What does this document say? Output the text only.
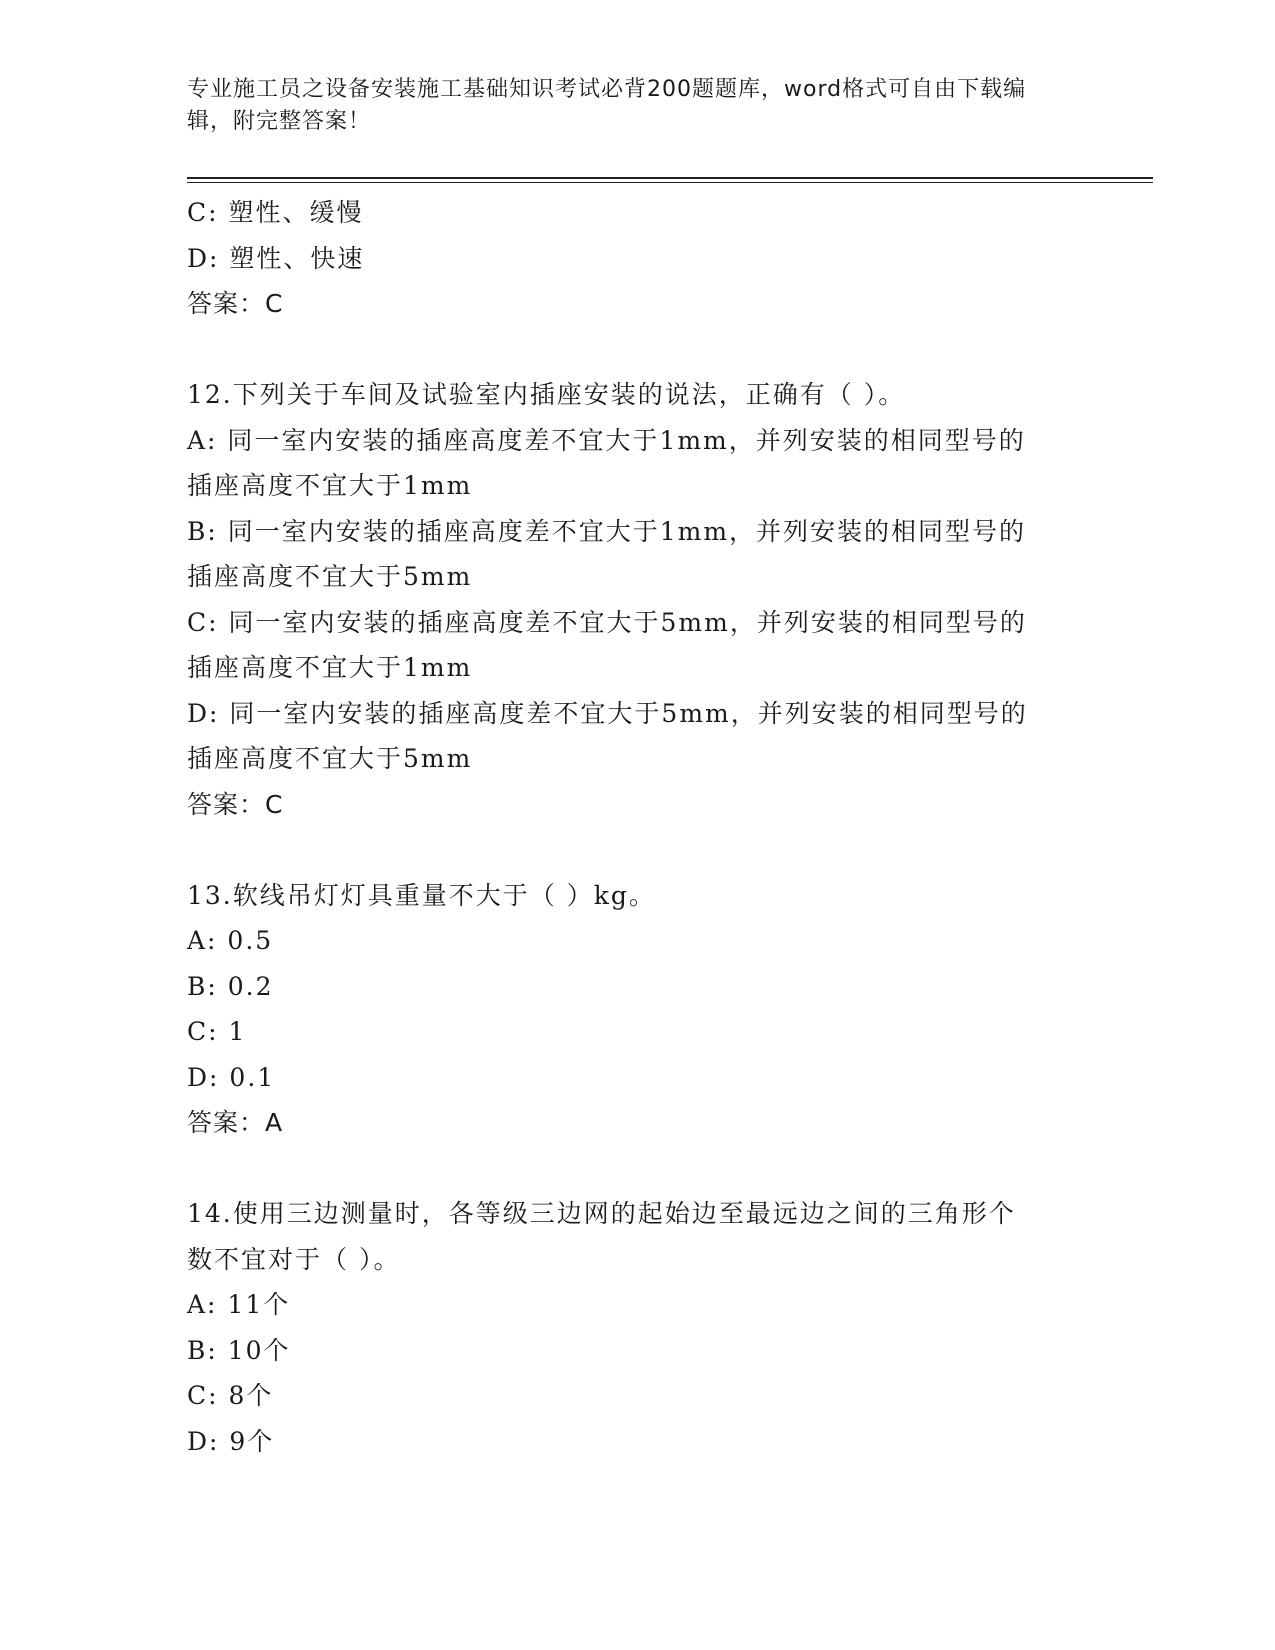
专业施工员之设备安装施工基础知识考试必背200题题库，word格式可自由下载编辑，附完整答案！
C: 塑性、缓慢
D: 塑性、快速
答案：C
12.下列关于车间及试验室内插座安装的说法，正确有（ ）。
A: 同一室内安装的插座高度差不宜大于1mm，并列安装的相同型号的
插座高度不宜大于1mm
B: 同一室内安装的插座高度差不宜大于1mm，并列安装的相同型号的
插座高度不宜大于5mm
C: 同一室内安装的插座高度差不宜大于5mm，并列安装的相同型号的
插座高度不宜大于1mm
D: 同一室内安装的插座高度差不宜大于5mm，并列安装的相同型号的
插座高度不宜大于5mm
答案：C
13.软线吊灯灯具重量不大于（ ）kg。
A: 0.5
B: 0.2
C: 1
D: 0.1
答案：A
14.使用三边测量时，各等级三边网的起始边至最远边之间的三角形个
数不宜对于（ ）。
A: 11个
B: 10个
C: 8个
D: 9个
